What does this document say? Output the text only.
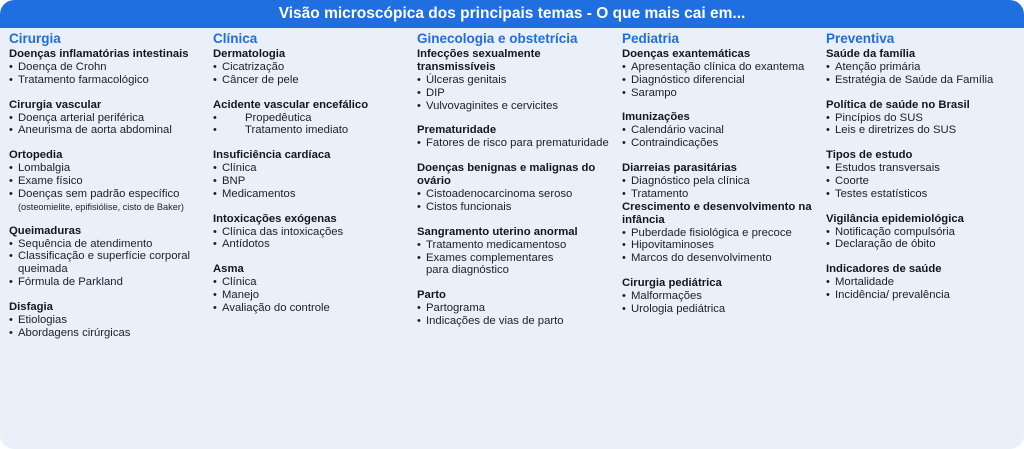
Visão microscópica dos principais temas - O que mais cai em...
Cirurgia
Doenças inflamatórias intestinais
• Doença de Crohn
• Tratamento farmacológico
Cirurgia vascular
• Doença arterial periférica
• Aneurisma de aorta abdominal
Ortopedia
• Lombalgia
• Exame físico
• Doenças sem padrão específico
(osteomielite, epifisiólise, cisto de Baker)
Queimaduras
• Sequência de atendimento
• Classificação e superfície corporal
queimada
• Fórmula de Parkland
Disfagia
• Etiologias
• Abordagens cirúrgicas
Clínica
Dermatologia
• Cicatrização
• Câncer de pele
Acidente vascular encefálico
• Propedêutica
• Tratamento imediato
Insuficiência cardíaca
• Clínica
• BNP
• Medicamentos
Intoxicações exógenas
• Clínica das intoxicações
• Antídotos
Asma
• Clínica
• Manejo
• Avaliação do controle
Ginecologia e obstetrícia
Infecções sexualmente
transmissíveis
• Úlceras genitais
• DIP
• Vulvovaginites e cervicites
Prematuridade
• Fatores de risco para prematuridade
Doenças benignas e malignas do
ovário
• Cistoadenocarcinoma seroso
• Cistos funcionais
Sangramento uterino anormal
• Tratamento medicamentoso
• Exames complementares
para diagnóstico
Parto
• Partograma
• Indicações de vias de parto
Pediatria
Doenças exantemáticas
• Apresentação clínica do exantema
• Diagnóstico diferencial
• Sarampo
Imunizações
• Calendário vacinal
• Contraindicações
Diarreias parasitárias
• Diagnóstico pela clínica
• Tratamento
Crescimento e desenvolvimento na
infância
• Puberdade fisiológica e precoce
• Hipovitaminoses
• Marcos do desenvolvimento
Cirurgia pediátrica
• Malformações
• Urologia pediátrica
Preventiva
Saúde da família
• Atenção primária
• Estratégia de Saúde da Família
Política de saúde no Brasil
• Pincípios do SUS
• Leis e diretrizes do SUS
Tipos de estudo
• Estudos transversais
• Coorte
• Testes estatísticos
Vigilância epidemiológica
• Notificação compulsória
• Declaração de óbito
Indicadores de saúde
• Mortalidade
• Incidência/ prevalência
